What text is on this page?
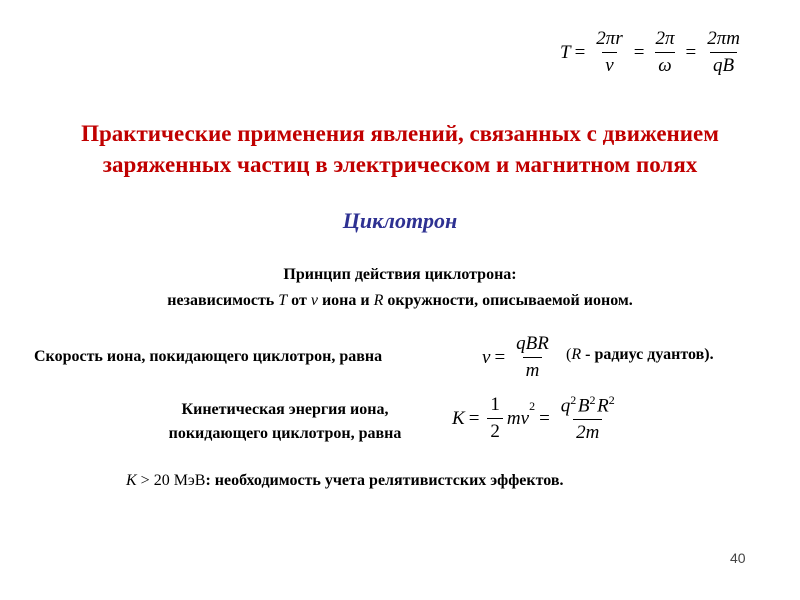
$T = \frac{2\pi r}{v} = \frac{2\pi}{\omega} = \frac{2\pi m}{qB}$
Практические применения явлений, связанных с движением
заряженных частиц в электрическом и магнитном полях
Циклотрон
Принцип действия циклотрона:
независимость T от v иона и R окружности, описываемой ионом.
Скорость иона, покидающего циклотрон, равна	$v = \frac{\text{qBR}}{m} (R$ - радиус дуантов).
Кинетическая энергия иона,
покидающего циклотрон, равна
$K = \frac{1}{2}$ mv
$^2$
= $\frac{q^2 B^2 R^2}{2m}$
K > 20 МэВ: необходимость учета релятивистских эффектов.
40
